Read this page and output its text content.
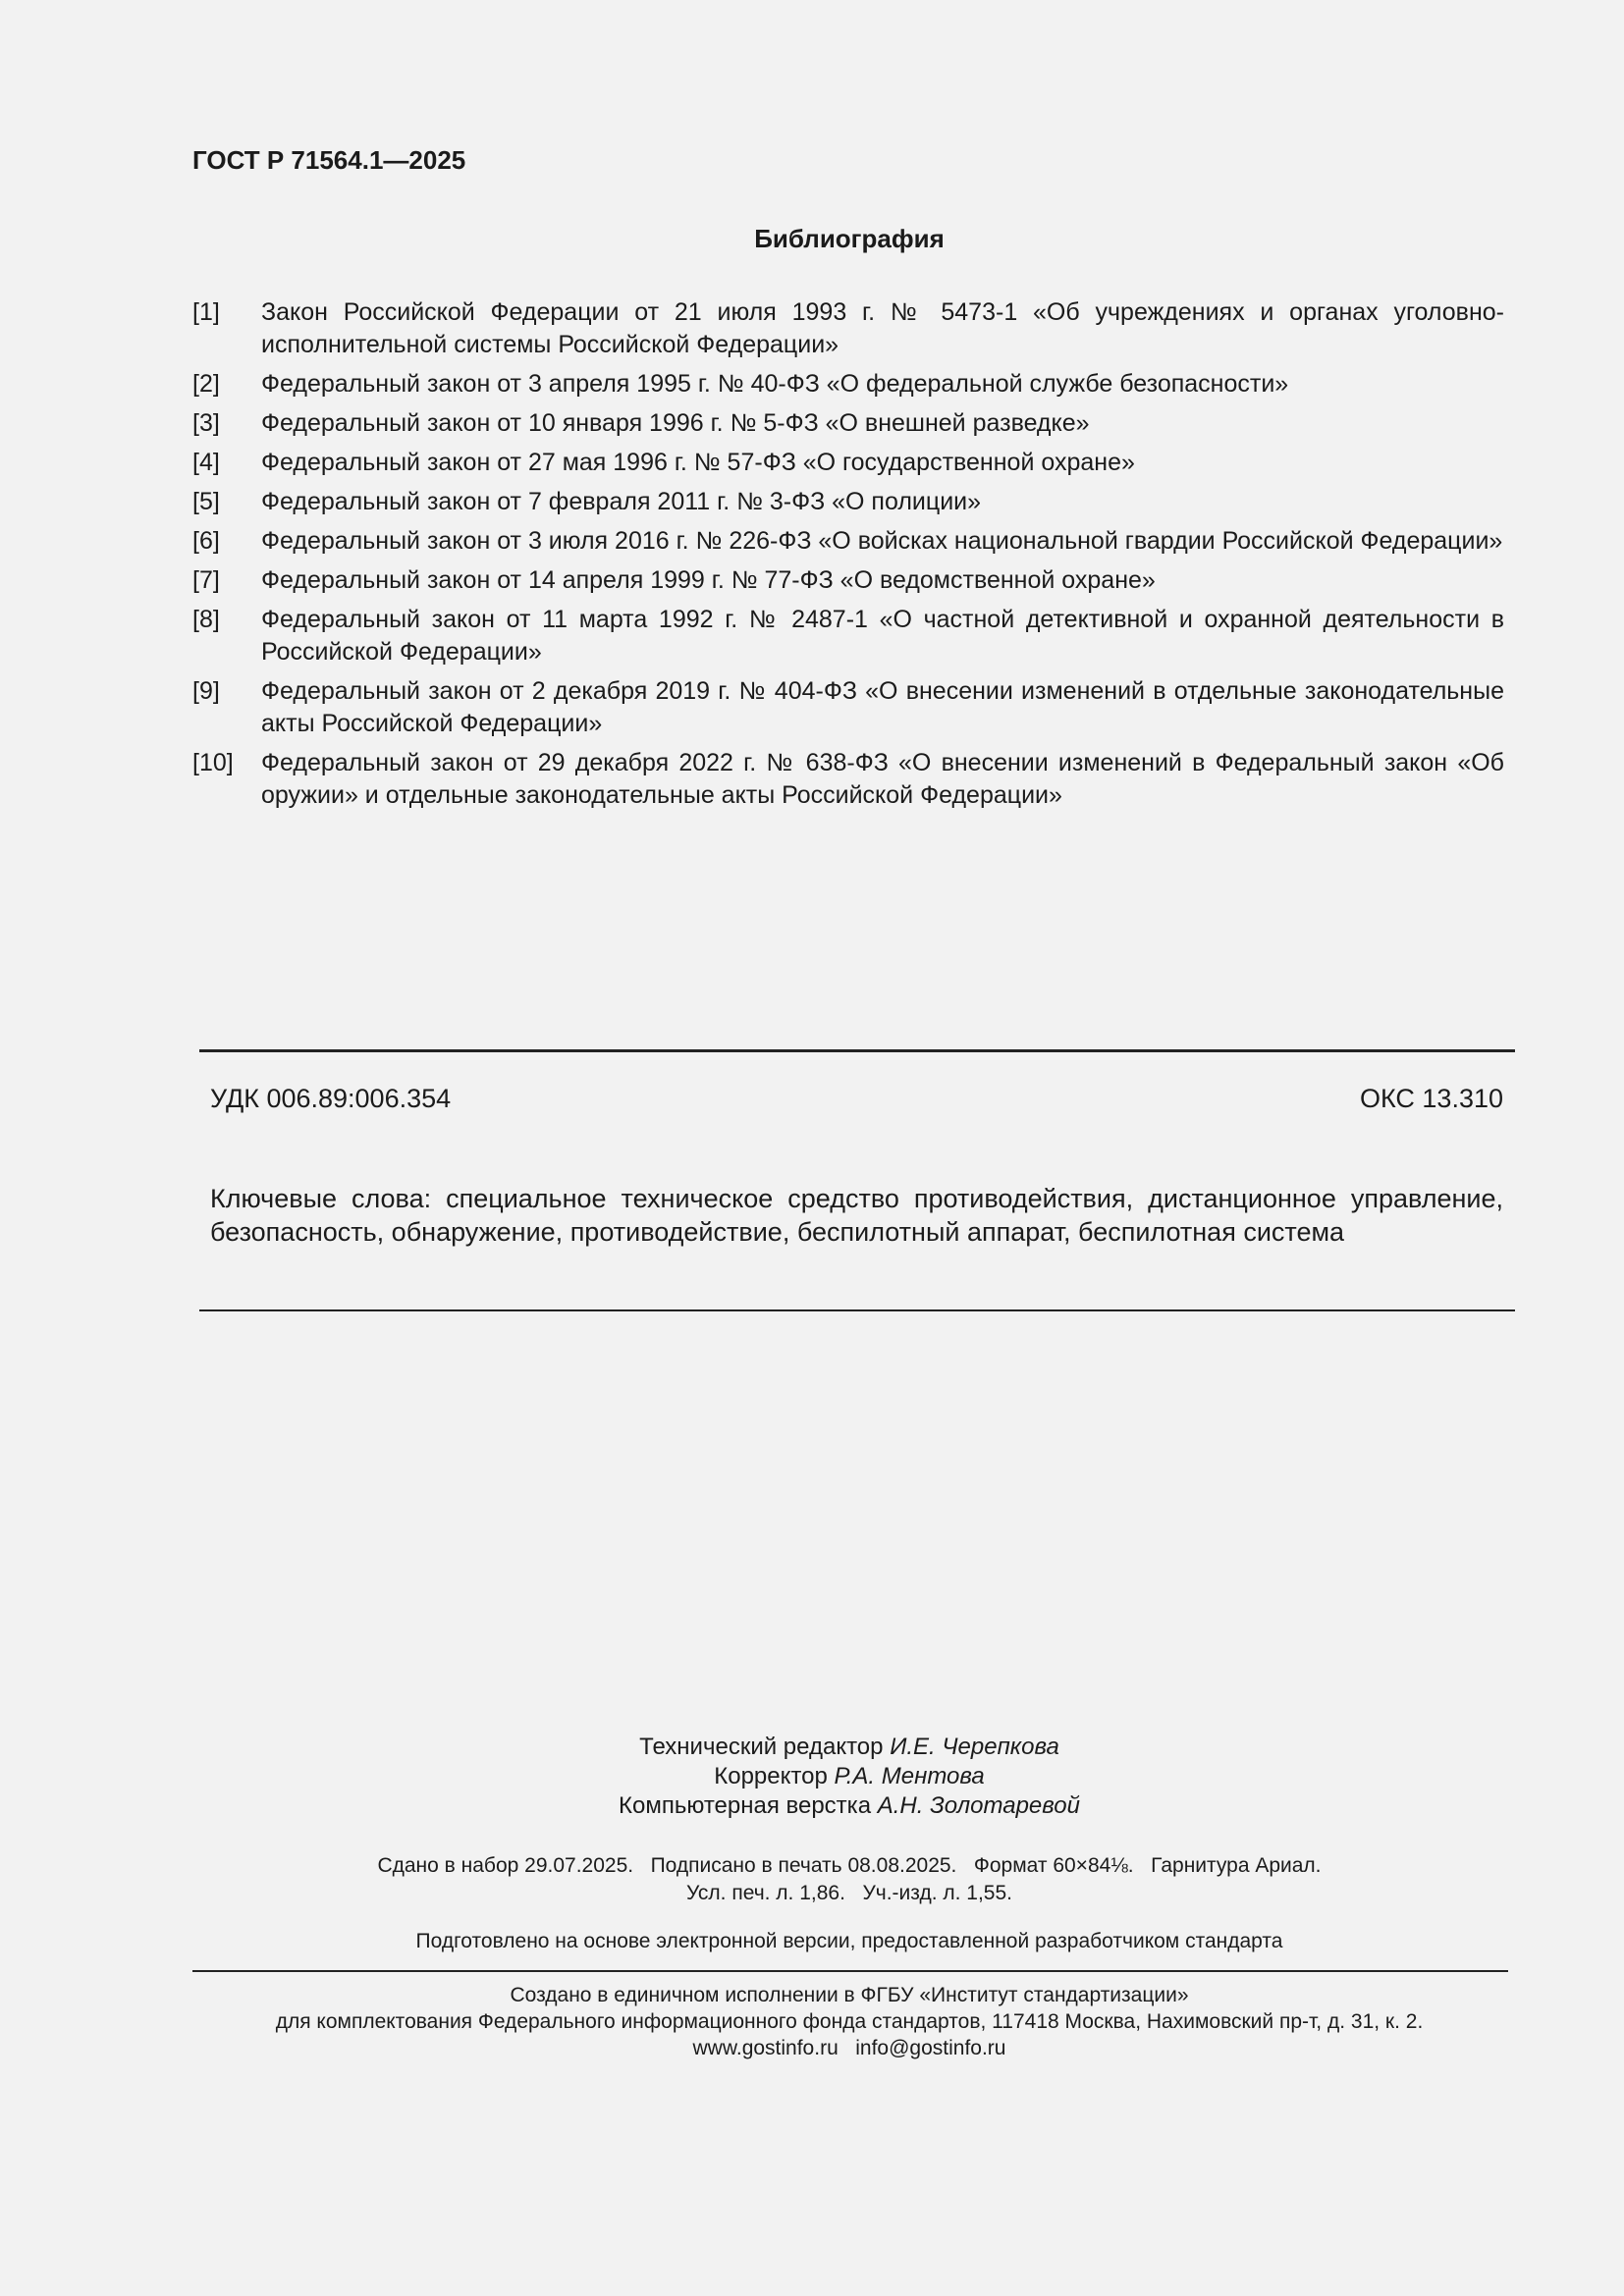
ГОСТ Р 71564.1—2025
Библиография
[1]	Закон Российской Федерации от 21 июля 1993 г. № 5473-1 «Об учреждениях и органах уголовно-исполнительной системы Российской Федерации»
[2]	Федеральный закон от 3 апреля 1995 г. № 40-ФЗ «О федеральной службе безопасности»
[3]	Федеральный закон от 10 января 1996 г. № 5-ФЗ «О внешней разведке»
[4]	Федеральный закон от 27 мая 1996 г. № 57-ФЗ «О государственной охране»
[5]	Федеральный закон от 7 февраля 2011 г. № 3-ФЗ «О полиции»
[6]	Федеральный закон от 3 июля 2016 г. № 226-ФЗ «О войсках национальной гвардии Российской Федерации»
[7]	Федеральный закон от 14 апреля 1999 г. № 77-ФЗ «О ведомственной охране»
[8]	Федеральный закон от 11 марта 1992 г. № 2487-1 «О частной детективной и охранной деятельности в Российской Федерации»
[9]	Федеральный закон от 2 декабря 2019 г. № 404-ФЗ «О внесении изменений в отдельные законодательные акты Российской Федерации»
[10]	Федеральный закон от 29 декабря 2022 г. № 638-ФЗ «О внесении изменений в Федеральный закон «Об оружии» и отдельные законодательные акты Российской Федерации»
УДК 006.89:006.354	ОКС 13.310

Ключевые слова: специальное техническое средство противодействия, дистанционное управление, безопасность, обнаружение, противодействие, беспилотный аппарат, беспилотная система

Технический редактор И.Е. Черепкова
Корректор Р.А. Ментова
Компьютерная верстка А.Н. Золотаревой
Сдано в набор 29.07.2025.   Подписано в печать 08.08.2025.   Формат 60×84⅛.   Гарнитура Ариал.
Усл. печ. л. 1,86.   Уч.-изд. л. 1,55.
Подготовлено на основе электронной версии, предоставленной разработчиком стандарта
Создано в единичном исполнении в ФГБУ «Институт стандартизации»
для комплектования Федерального информационного фонда стандартов, 117418 Москва, Нахимовский пр-т, д. 31, к. 2.
www.gostinfo.ru   info@gostinfo.ru
